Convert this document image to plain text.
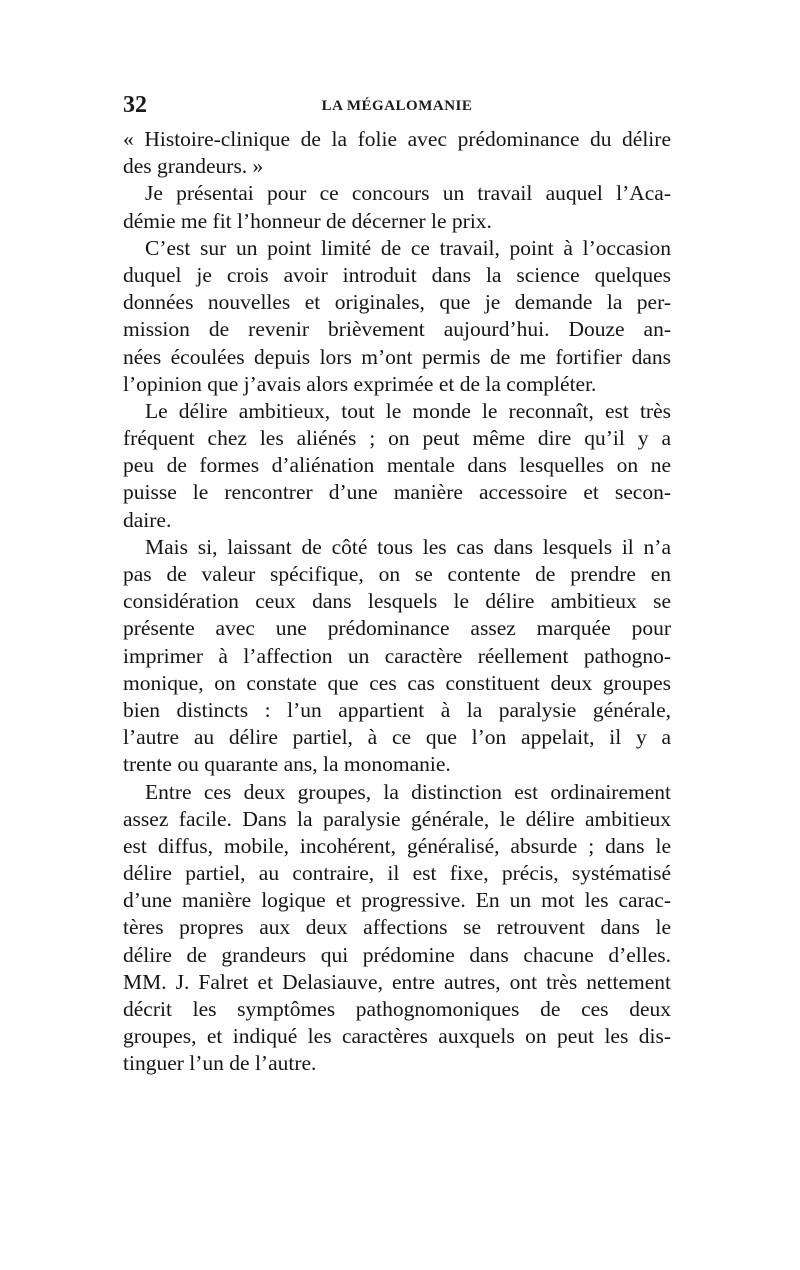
32	LA MÉGALOMANIE
« Histoire-clinique de la folie avec prédominance du délire
des grandeurs. »
Je présentai pour ce concours un travail auquel l’Aca-
démie me fit l’honneur de décerner le prix.
C’est sur un point limité de ce travail, point à l’occasion
duquel je crois avoir introduit dans la science quelques
données nouvelles et originales, que je demande la per-
mission de revenir brièvement aujourd’hui. Douze an-
nées écoulées depuis lors m’ont permis de me fortifier dans
l’opinion que j’avais alors exprimée et de la compléter.
Le délire ambitieux, tout le monde le reconnaît, est très
fréquent chez les aliénés ; on peut même dire qu’il y a
peu de formes d’aliénation mentale dans lesquelles on ne
puisse le rencontrer d’une manière accessoire et secon-
daire.
Mais si, laissant de côté tous les cas dans lesquels il n’a
pas de valeur spécifique, on se contente de prendre en
considération ceux dans lesquels le délire ambitieux se
présente avec une prédominance assez marquée pour
imprimer à l’affection un caractère réellement pathogno-
monique, on constate que ces cas constituent deux groupes
bien distincts : l’un appartient à la paralysie générale,
l’autre au délire partiel, à ce que l’on appelait, il y a
trente ou quarante ans, la monomanie.
Entre ces deux groupes, la distinction est ordinairement
assez facile. Dans la paralysie générale, le délire ambitieux
est diffus, mobile, incohérent, généralisé, absurde ; dans le
délire partiel, au contraire, il est fixe, précis, systématisé
d’une manière logique et progressive. En un mot les carac-
tères propres aux deux affections se retrouvent dans le
délire de grandeurs qui prédomine dans chacune d’elles.
MM. J. Falret et Delasiauve, entre autres, ont très nettement
décrit les symptômes pathognomoniques de ces deux
groupes, et indiqué les caractères auxquels on peut les dis-
tinguer l’un de l’autre.
